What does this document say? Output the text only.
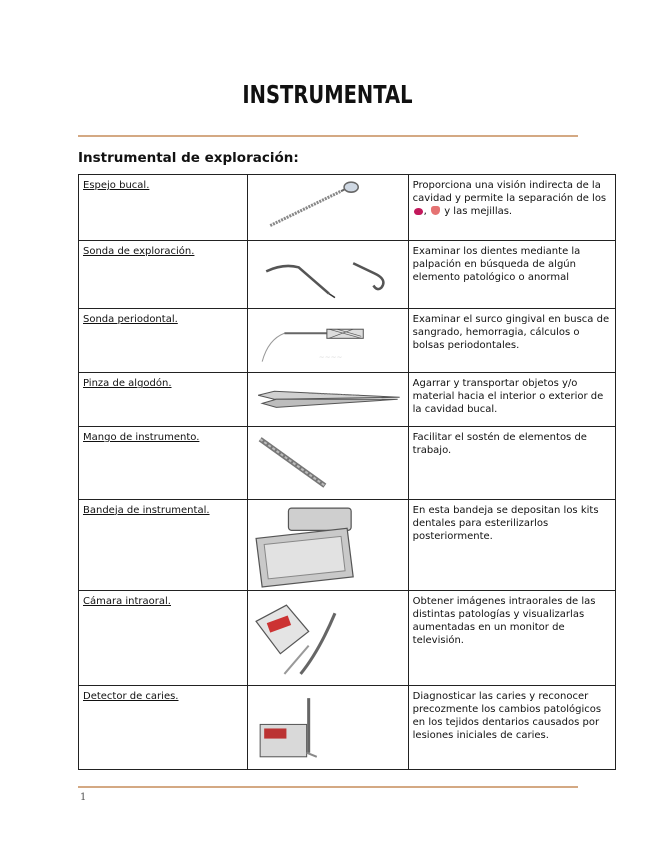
INSTRUMENTAL
Instrumental de exploración:
Espejo bucal.		Proporciona una visión indirecta de la cavidad y permite la separación de los ,  y las mejillas.
Sonda de exploración.		Examinar los dientes mediante la palpación en búsqueda de algún elemento patológico o anormal
Sonda periodontal.	~~~~	Examinar el surco gingival en busca de sangrado, hemorragia, cálculos o bolsas periodontales.
Pinza de algodón.		Agarrar y transportar objetos y/o material hacia el interior o exterior de la cavidad bucal.
Mango de instrumento.		Facilitar el sostén de elementos de trabajo.
Bandeja de instrumental.		En esta bandeja se depositan los kits dentales para esterilizarlos posteriormente.
Cámara intraoral.		Obtener imágenes intraorales de las distintas patologías y visualizarlas aumentadas en un monitor de televisión.
Detector de caries.		Diagnosticar las caries y reconocer precozmente los cambios patológicos en los tejidos dentarios causados por lesiones iniciales de caries.
1
